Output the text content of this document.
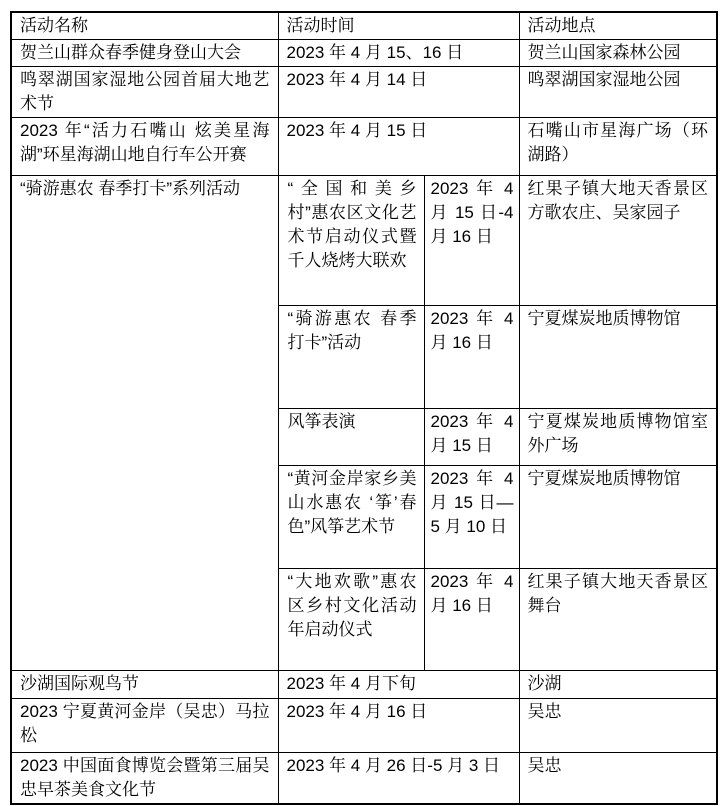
活动名称	活动时间		活动地点
贺兰山群众春季健身登山大会	2023 年 4 月 15、16 日		贺兰山国家森林公园
鸣翠湖国家湿地公园首届大地艺术节	2023 年 4 月 14 日		鸣翠湖国家湿地公园
2023 年“活力石嘴山 炫美星海湖”环星海湖山地自行车公开赛	2023 年 4 月 15 日		石嘴山市星海广场（环湖路）
“骑游惠农 春季打卡”系列活动	“全国和美乡村”惠农区文化艺术节启动仪式暨千人烧烤大联欢	2023 年 4 月 15 日-4 月 16 日	红果子镇大地天香景区方歌农庄、吴家园子
	“骑游惠农 春季打卡”活动	2023 年 4 月 16 日	宁夏煤炭地质博物馆
	风筝表演	2023 年 4 月 15 日	宁夏煤炭地质博物馆室外广场
	“黄河金岸家乡美 山水惠农 ‘筝’春色”风筝艺术节	2023 年 4 月 15 日—5 月 10 日	宁夏煤炭地质博物馆
	“大地欢歌”惠农区乡村文化活动年启动仪式	2023 年 4 月 16 日	红果子镇大地天香景区舞台
沙湖国际观鸟节	2023 年 4 月下旬		沙湖
2023 宁夏黄河金岸（吴忠）马拉松	2023 年 4 月 16 日		吴忠
2023 中国面食博览会暨第三届吴忠早茶美食文化节	2023 年 4 月 26 日-5 月 3 日		吴忠
